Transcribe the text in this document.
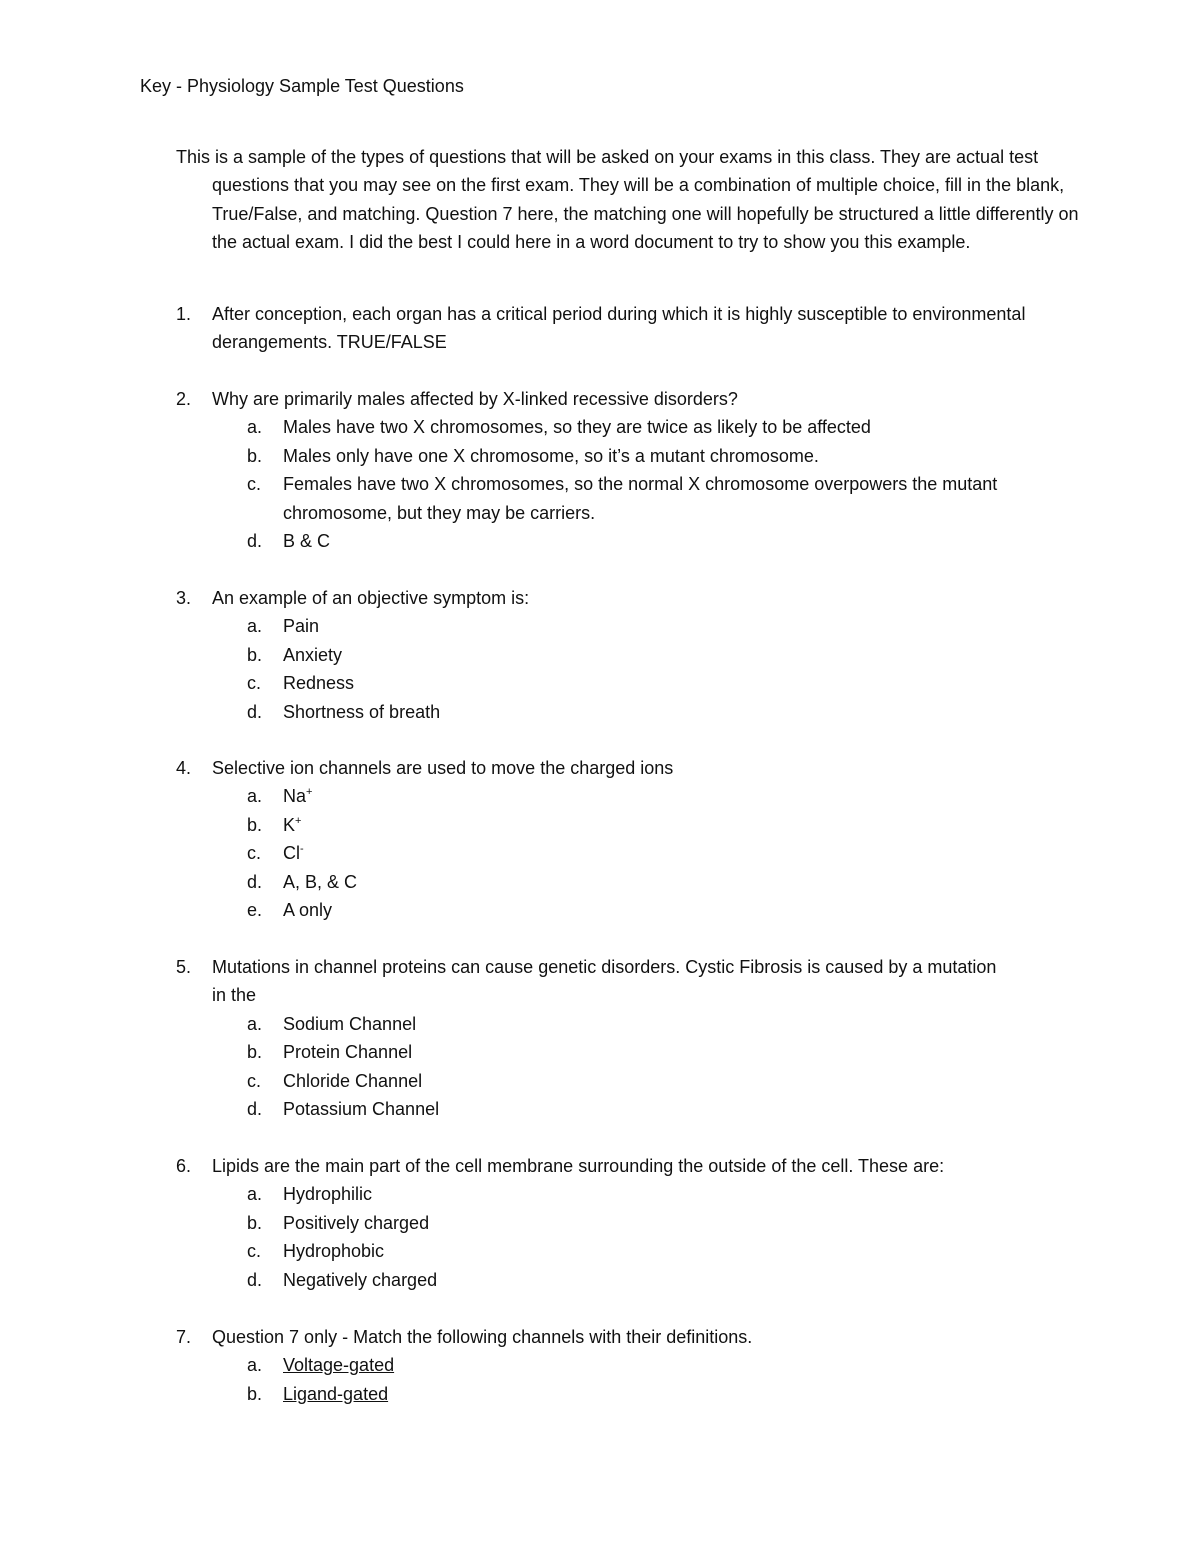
Key - Physiology Sample Test Questions

This is a sample of the types of questions that will be asked on your exams in this class. They are actual test questions that you may see on the first exam. They will be a combination of multiple choice, fill in the blank, True/False, and matching. Question 7 here, the matching one will hopefully be structured a little differently on the actual exam. I did the best I could here in a word document to try to show you this example.

1. After conception, each organ has a critical period during which it is highly susceptible to environmental derangements. TRUE/FALSE
2. Why are primarily males affected by X-linked recessive disorders?
a. Males have two X chromosomes, so they are twice as likely to be affected
b. Males only have one X chromosome, so it’s a mutant chromosome.
c. Females have two X chromosomes, so the normal X chromosome overpowers the mutant chromosome, but they may be carriers.
d. B & C
3. An example of an objective symptom is:
a. Pain
b. Anxiety
c. Redness
d. Shortness of breath
4. Selective ion channels are used to move the charged ions
a. Na+
b. K+
c. Cl-
d. A, B, & C
e. A only
5. Mutations in channel proteins can cause genetic disorders. Cystic Fibrosis is caused by a mutation in the
a. Sodium Channel
b. Protein Channel
c. Chloride Channel
d. Potassium Channel
6. Lipids are the main part of the cell membrane surrounding the outside of the cell. These are:
a. Hydrophilic
b. Positively charged
c. Hydrophobic
d. Negatively charged
7. Question 7 only - Match the following channels with their definitions.
a. Voltage-gated
b. Ligand-gated
